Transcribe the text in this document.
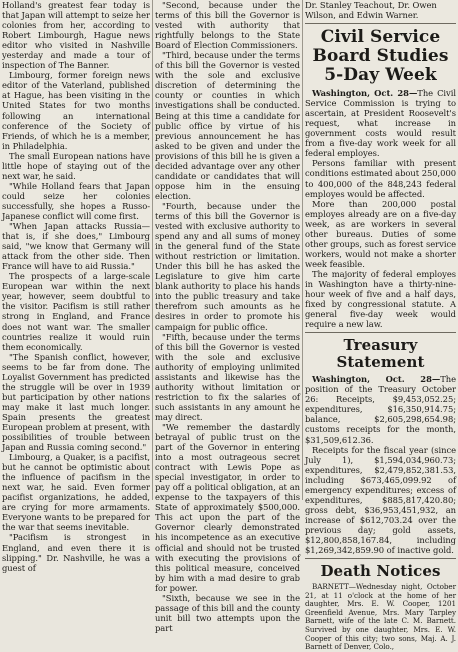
Holland's greatest fear today is that Japan will attempt to seize her colonies from her, according to Robert Limbourgh, Hague news editor who visited in Nashville yesterday and made a tour of inspection of The Banner.

Limbourg, former foreign news editor of the Vaterland, published at Hague, has been visiting in the United States for two months following an international conference of the Society of Friends, of which he is a member, in Philadelphia.

The small European nations have little hope of staying out of the next war, he said.

"While Holland fears that Japan could seize her colonies successfully, she hopes a Russo-Japanese conflict will come first.

"When Japan attacks Russia—that is, if she does," Limbourg said, "we know that Germany will attack from the other side. Then France will have to aid Russia."

The prospects of a large-scale European war within the next year, however, seem doubtful to the visitor. Pacifism is still rather strong in England, and France does not want war. The smaller countries realize it would ruin them economically.

"The Spanish conflict, however, seems to be far from done. The Loyalist Government has predicted the struggle will be over in 1939 but participation by other nations may make it last much longer. Spain presents the greatest European problem at present, with possibilities of trouble between Japan and Russia coming second."

Limbourg, a Quaker, is a pacifist, but he cannot be optimistic about the influence of pacifism in the next war, he said. Even former pacifist organizations, he added, are crying for more armaments. Everyone wants to be prepared for the war that seems inevitable.

"Pacifism is strongest in England, and even there it is slipping." Dr. Nashville, he was a guest of

"Second, because under the terms of this bill the Governor is vested with authority that rightfully belongs to the State Board of Election Commissioners.

"Third, because under the terms of this bill the Governor is vested with the sole and exclusive discretion of determining the county or counties in which investigations shall be conducted. Being at this time a candidate for public office by virtue of his previous announcement he has asked to be given and under the provisions of this bill he is given a decided advantage over any other candidate or candidates that will oppose him in the ensuing election.

"Fourth, because under the terms of this bill the Governor is vested with exclusive authority to spend any and all sums of money in the general fund of the State without restriction or limitation. Under this bill he has asked the Legislature to give him carte blank authority to place his hands into the public treasury and take therefrom such amounts as he desires in order to promote his campaign for public office.

"Fifth, because under the terms of this bill the Governor is vested with the sole and exclusive authority of employing unlimited assistants and likewise has the authority without limitation or restriction to fix the salaries of such assistants in any amount he may direct.

"We remember the dastardly betrayal of public trust on the part of the Governor in entering into a most outrageous secret contract with Lewis Pope as special investigator, in order to pay off a political obligation, at an expense to the taxpayers of this State of approximately $500,000. This act upon the part of the Governor clearly demonstrated his incompetence as an executive official and should not be trusted with executing the provisions of this political measure, conceived by him with a mad desire to grab for power.

"Sixth, because we see in the passage of this bill and the county unit bill two attempts upon the part

Dr. Stanley Teachout, Dr. Owen Wilson, and Edwin Warner.

Civil Service Board Studies 5-Day Week

Washington, Oct. 28—The Civil Service Commission is trying to ascertain, at President Roosevelt's request, what increase in government costs would result from a five-day work week for all federal employes.

Persons familiar with present conditions estimated about 250,000 to 400,000 of the 848,243 federal employes would be affected.

More than 200,000 postal employes already are on a five-day week, as are workers in several other bureaus. Duties of some other groups, such as forest service workers, would not make a shorter week feasible.

The majority of federal employes in Washington have a thirty-nine-hour week of five and a half days, fixed by congressional statute. A general five-day week would require a new law.

Treasury Statement

Washington, Oct. 28—The position of the Treasury October 26: Receipts, $9,453,052.25; expenditures, $16,350,914.75; balance, $2,605,298,654.98; customs receipts for the month, $31,509,612.36.

Receipts for the fiscal year (since July 1), $1,594,034,960.73; expenditures, $2,479,852,381.53, including $673,465,099.92 of emergency expenditures; excess of expenditures, $885,817,420.80; gross debt, $36,953,451,932, an increase of $612,703.24 over the previous day; gold assets, $12,800,858,167.84, including $1,269,342,859.90 of inactive gold.

Death Notices

BARNETT—Wednesday night, October 21, at 11 o'clock at the home of her daughter, Mrs. E. W. Cooper, 1201 Greenfield Avenue, Mrs. Mary Tarpley Barnett, wife of the late C. M. Barnett. Survived by one daughter, Mrs. E. W. Cooper of this city; two sons, Maj. A. J. Barnett of Denver, Colo.,
